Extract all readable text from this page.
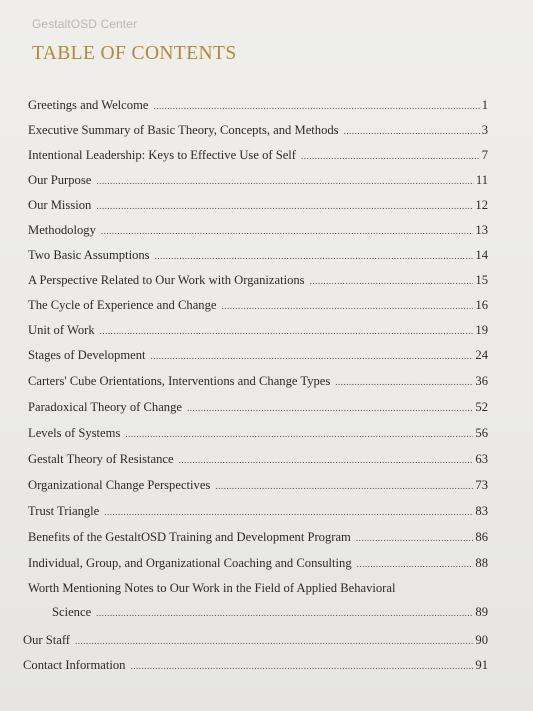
GestaltOSD Center
TABLE OF CONTENTS
Greetings and Welcome .....	1
Executive Summary of Basic Theory, Concepts, and Methods .....	3
Intentional Leadership: Keys to Effective Use of Self .....	7
Our Purpose .....	11
Our Mission .....	12
Methodology .....	13
Two Basic Assumptions .....	14
A Perspective Related to Our Work with Organizations .....	15
The Cycle of Experience and Change .....	16
Unit of Work .....	19
Stages of Development .....	24
Carters' Cube Orientations, Interventions and Change Types .....	36
Paradoxical Theory of Change .....	52
Levels of Systems .....	56
Gestalt Theory of Resistance .....	63
Organizational Change Perspectives .....	73
Trust Triangle .....	83
Benefits of the GestaltOSD Training and Development Program .....	86
Individual, Group, and Organizational Coaching and Consulting .....	88
Worth Mentioning Notes to Our Work in the Field of Applied Behavioral
Science .....	89
Our Staff .....	90
Contact Information .....	91
